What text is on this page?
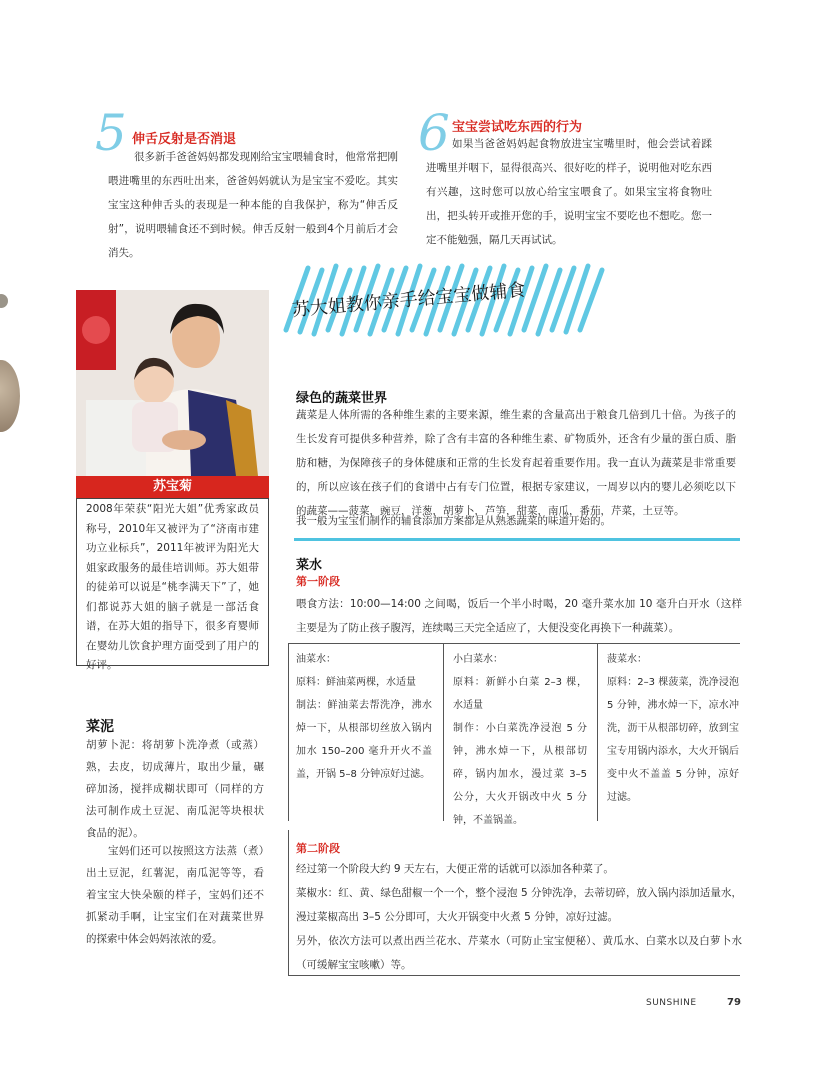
5 伸舌反射是否消退

很多新手爸爸妈妈都发现刚给宝宝喂辅食时，他常常把刚喂进嘴里的东西吐出来，爸爸妈妈就认为是宝宝不爱吃。其实宝宝这种伸舌头的表现是一种本能的自我保护，称为“伸舌反射”，说明喂辅食还不到时候。伸舌反射一般到4个月前后才会消失。

6 宝宝尝试吃东西的行为

如果当爸爸妈妈起食物放进宝宝嘴里时，他会尝试着蹂进嘴里并咽下，显得很高兴、很好吃的样子，说明他对吃东西有兴趣，这时您可以放心给宝宝喂食了。如果宝宝将食物吐出，把头转开或推开您的手，说明宝宝不要吃也不想吃。您一定不能勉强，隔几天再试试。

苏大姐教你亲手给宝宝做辅食
苏宝菊

2008年荣获“阳光大姐”优秀家政员称号，2010年又被评为了“济南市建功立业标兵”，2011年被评为阳光大姐家政服务的最佳培训师。苏大姐带的徒弟可以说是“桃李满天下”了，她们都说苏大姐的脑子就是一部活食谱，在苏大姐的指导下，很多育婴师在婴幼儿饮食护理方面受到了用户的好评。

绿色的蔬菜世界

蔬菜是人体所需的各种维生素的主要来源，维生素的含量高出于粮食几倍到几十倍。为孩子的生长发育可提供多种营养，除了含有丰富的各种维生素、矿物质外，还含有少量的蛋白质、脂肪和糖，为保障孩子的身体健康和正常的生长发育起着重要作用。我一直认为蔬菜是非常重要的，所以应该在孩子们的食谱中占有专门位置，根据专家建议，一周岁以内的婴儿必须吃以下的蔬菜——菠菜，豌豆，洋葱，胡萝卜，芦笋，甜菜，南瓜，番茄，芹菜，土豆等。

我一般为宝宝们制作的辅食添加方案都是从熟悉蔬菜的味道开始的。

菜水
第一阶段

喂食方法：10:00—14:00 之间喝，饭后一个半小时喝，20 毫升菜水加 10 毫升白开水（这样主要是为了防止孩子腹泻，连续喝三天完全适应了，大便没变化再换下一种蔬菜）。

油菜水：

原料：鲜油菜两棵，水适量

制法：鲜油菜去帮洗净，沸水焯一下，从根部切丝放入锅内加水 150–200 毫升开火不盖盖，开锅 5–8 分钟凉好过滤。

小白菜水：

原料：新鲜小白菜 2–3 棵，水适量

制作：小白菜洗净浸泡 5 分钟，沸水焯一下，从根部切碎，锅内加水，漫过菜 3–5 公分，大火开锅改中火 5 分钟，不盖锅盖。

菠菜水：

原料：2–3 棵菠菜，洗净浸泡 5 分钟，沸水焯一下，凉水冲洗，沥干从根部切碎，放到宝宝专用锅内添水，大火开锅后变中火不盖盖 5 分钟，凉好过滤。

第二阶段

经过第一个阶段大约 9 天左右，大便正常的话就可以添加各种菜了。

菜椒水：红、黄、绿色甜椒一个一个，整个浸泡 5 分钟洗净，去蒂切碎，放入锅内添加适量水，漫过菜椒高出 3–5 公分即可，大火开锅变中火煮 5 分钟，凉好过滤。

另外，依次方法可以煮出西兰花水、芹菜水（可防止宝宝便秘）、黄瓜水、白菜水以及白萝卜水（可缓解宝宝咳嗽）等。

菜泥

胡萝卜泥：将胡萝卜洗净煮（或蒸）熟，去皮，切成薄片，取出少量，碾碎加汤，搅拌成糊状即可（同样的方法可制作成土豆泥、南瓜泥等块根状食品的泥）。

宝妈们还可以按照这方法蒸（煮）出土豆泥，红薯泥，南瓜泥等等，看着宝宝大快朵颐的样子，宝妈们还不抓紧动手啊，让宝宝们在对蔬菜世界的探索中体会妈妈浓浓的爱。

SUNSHINE	79
